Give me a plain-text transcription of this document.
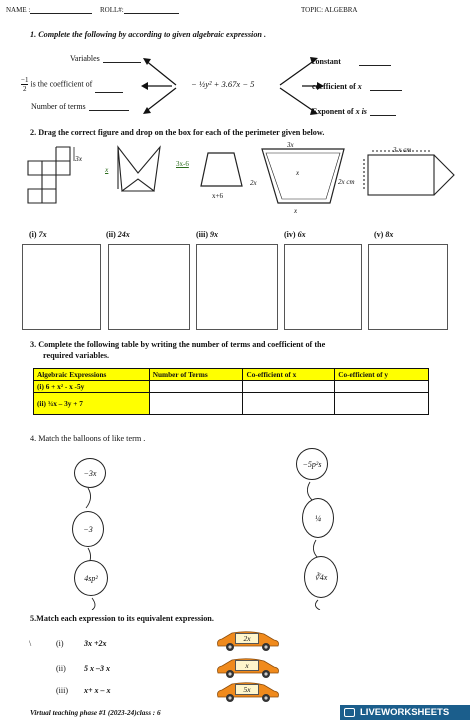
NAME :	ROLL#:	TOPIC: ALGEBRA
1. Complete the following by according to given algebraic expression .
Variables
$\frac{-1}{2}$ is the coefficient of
Number of terms
− ½y² + 3.67x − 5
constant
coefficient of x
Exponent of x is
2. Drag the correct figure and drop on the box for each of the perimeter given below.
3x
x
3x-6
x+6
3x
2x
x
x
3 x cm
2x cm
(i) 7x	(ii) 24x	(iii) 9x	(iv) 6x	(v) 8x
3. Complete the following table by writing the number of terms and coefficient of the
required variables.
Algebraic Expressions	Number of Terms	Co-efficient of x	Co-efficient of y
(i) 6 + x² - x -5y			
(ii) ¾x – 3y + 7			
4. Match the balloons of like term .
−3x
−3
4sp²
−5p²s
¼
∛4x
5.Match each expression to its equivalent expression.
\	(i)	3x +2x
(ii) 5 x –3 x
(iii) x+ x – x
2x
x
5x
Virtual teaching phase #1 (2023-24)class : 6	LIVEWORKSHEETS
